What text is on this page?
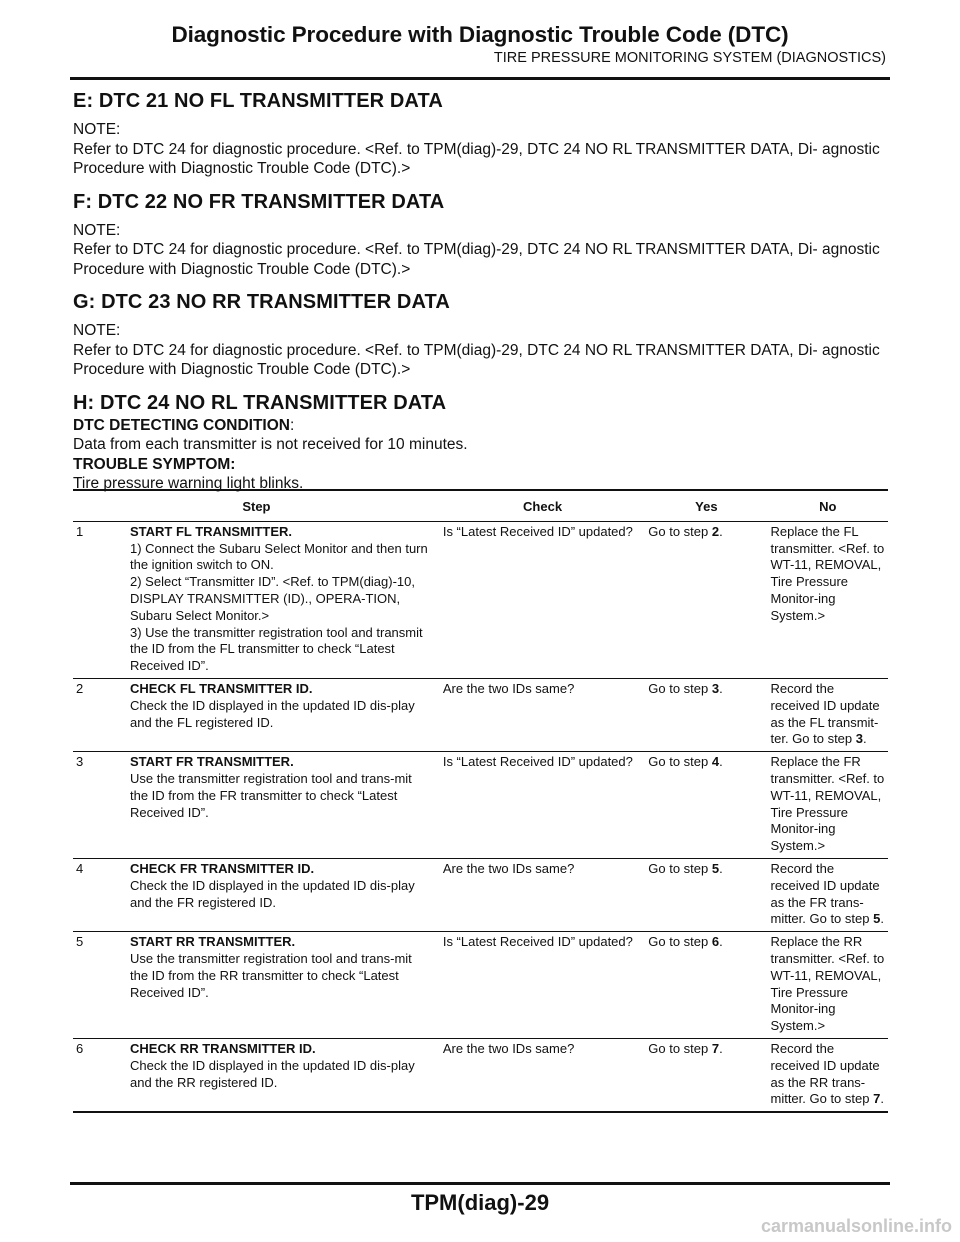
Diagnostic Procedure with Diagnostic Trouble Code (DTC)
TIRE PRESSURE MONITORING SYSTEM (DIAGNOSTICS)
E: DTC 21 NO FL TRANSMITTER DATA

NOTE:

Refer to DTC 24 for diagnostic procedure. <Ref. to TPM(diag)-29, DTC 24 NO RL TRANSMITTER DATA, Di- agnostic Procedure with Diagnostic Trouble Code (DTC).>

F: DTC 22 NO FR TRANSMITTER DATA

NOTE:

Refer to DTC 24 for diagnostic procedure. <Ref. to TPM(diag)-29, DTC 24 NO RL TRANSMITTER DATA, Di- agnostic Procedure with Diagnostic Trouble Code (DTC).>

G: DTC 23 NO RR TRANSMITTER DATA

NOTE:

Refer to DTC 24 for diagnostic procedure. <Ref. to TPM(diag)-29, DTC 24 NO RL TRANSMITTER DATA, Di- agnostic Procedure with Diagnostic Trouble Code (DTC).>

H: DTC 24 NO RL TRANSMITTER DATA

DTC DETECTING CONDITION:

Data from each transmitter is not received for 10 minutes.

TROUBLE SYMPTOM:

Tire pressure warning light blinks.

Step	Check	Yes	No
1 START FL TRANSMITTER.
1) Connect the Subaru Select Monitor and then turn the ignition switch to ON.
2) Select “Transmitter ID”. <Ref. to TPM(diag)-10, DISPLAY TRANSMITTER (ID)., OPERA-TION, Subaru Select Monitor.>
3) Use the transmitter registration tool and transmit the ID from the FL transmitter to check “Latest Received ID”.	Is “Latest Received ID” updated?	Go to step 2.	Replace the FL transmitter. <Ref. to WT-11, REMOVAL, Tire Pressure Monitor-ing System.>
2 CHECK FL TRANSMITTER ID.
Check the ID displayed in the updated ID dis-play and the FL registered ID.	Are the two IDs same?	Go to step 3.	Record the received ID update as the FL transmit-ter. Go to step 3.
3 START FR TRANSMITTER.
Use the transmitter registration tool and trans-mit the ID from the FR transmitter to check “Latest Received ID”.	Is “Latest Received ID” updated?	Go to step 4.	Replace the FR transmitter. <Ref. to WT-11, REMOVAL, Tire Pressure Monitor-ing System.>
4 CHECK FR TRANSMITTER ID.
Check the ID displayed in the updated ID dis-play and the FR registered ID.	Are the two IDs same?	Go to step 5.	Record the received ID update as the FR trans-mitter. Go to step 5.
5 START RR TRANSMITTER.
Use the transmitter registration tool and trans-mit the ID from the RR transmitter to check “Latest Received ID”.	Is “Latest Received ID” updated?	Go to step 6.	Replace the RR transmitter. <Ref. to WT-11, REMOVAL, Tire Pressure Monitor-ing System.>
6 CHECK RR TRANSMITTER ID.
Check the ID displayed in the updated ID dis-play and the RR registered ID.	Are the two IDs same?	Go to step 7.	Record the received ID update as the RR trans-mitter. Go to step 7.
TPM(diag)-29
carmanualsonline.info
